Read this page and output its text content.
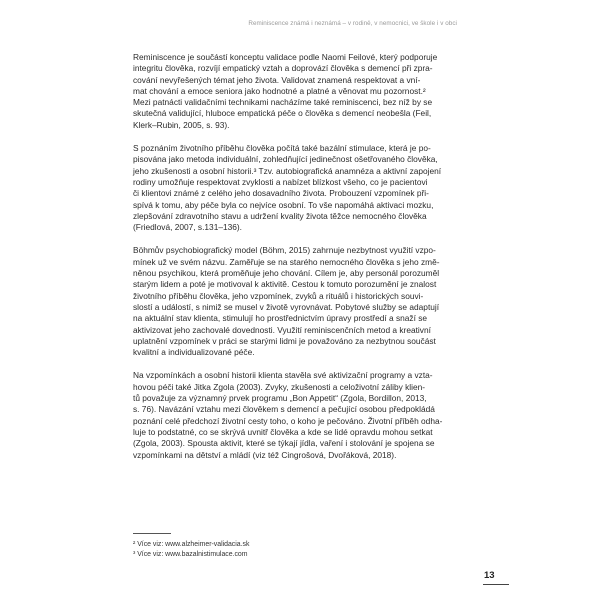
Reminiscence známá i neznámá – v rodině, v nemocnici, ve škole i v obci

Reminiscence je součástí konceptu validace podle Naomi Feilové, který podporuje
integritu člověka, rozvíjí empatický vztah a doprovází člověka s demencí při zpra-
cování nevyřešených témat jeho života. Validovat znamená respektovat a vní-
mat chování a emoce seniora jako hodnotné a platné a věnovat mu pozornost.²
Mezi patnácti validačními technikami nacházíme také reminiscenci, bez níž by se
skutečná validující, hluboce empatická péče o člověka s demencí neobešla (Feil,
Klerk–Rubin, 2005, s. 93).

S poznáním životního příběhu člověka počítá také bazální stimulace, která je po-
pisována jako metoda individuální, zohledňující jedinečnost ošetřovaného člověka,
jeho zkušenosti a osobní historii.³ Tzv. autobiografická anamnéza a aktivní zapojení
rodiny umožňuje respektovat zvyklosti a nabízet blízkost všeho, co je pacientovi
či klientovi známé z celého jeho dosavadního života. Probouzení vzpomínek při-
spívá k tomu, aby péče byla co nejvíce osobní. To vše napomáhá aktivaci mozku,
zlepšování zdravotního stavu a udržení kvality života těžce nemocného člověka
(Friedlová, 2007, s.131–136).

Böhmův psychobiografický model (Böhm, 2015) zahrnuje nezbytnost využití vzpo-
mínek už ve svém názvu. Zaměřuje se na starého nemocného člověka s jeho změ-
něnou psychikou, která proměňuje jeho chování. Cílem je, aby personál porozuměl
starým lidem a poté je motivoval k aktivitě. Cestou k tomuto porozumění je znalost
životního příběhu člověka, jeho vzpomínek, zvyků a rituálů i historických souvi-
slostí a událostí, s nimiž se musel v životě vyrovnávat. Pobytové služby se adaptují
na aktuální stav klienta, stimulují ho prostřednictvím úpravy prostředí a snaží se
aktivizovat jeho zachovalé dovednosti. Využití reminiscenčních metod a kreativní
uplatnění vzpomínek v práci se starými lidmi je považováno za nezbytnou součást
kvalitní a individualizované péče.

Na vzpomínkách a osobní historii klienta stavěla své aktivizační programy a vzta-
hovou péči také Jitka Zgola (2003). Zvyky, zkušenosti a celoživotní záliby klien-
tů považuje za významný prvek programu „Bon Appetit“ (Zgola, Bordillon, 2013,
s. 76). Navázání vztahu mezi člověkem s demencí a pečující osobou předpokládá
poznání celé předchozí životní cesty toho, o koho je pečováno. Životní příběh odha-
luje to podstatné, co se skrývá uvnitř člověka a kde se lidé opravdu mohou setkat
(Zgola, 2003). Spousta aktivit, které se týkají jídla, vaření i stolování je spojena se
vzpomínkami na dětství a mládí (viz též Cingrošová, Dvořáková, 2018).

² Více viz: www.alzheimer-validacia.sk
³ Více viz: www.bazalnistimulace.com
13
